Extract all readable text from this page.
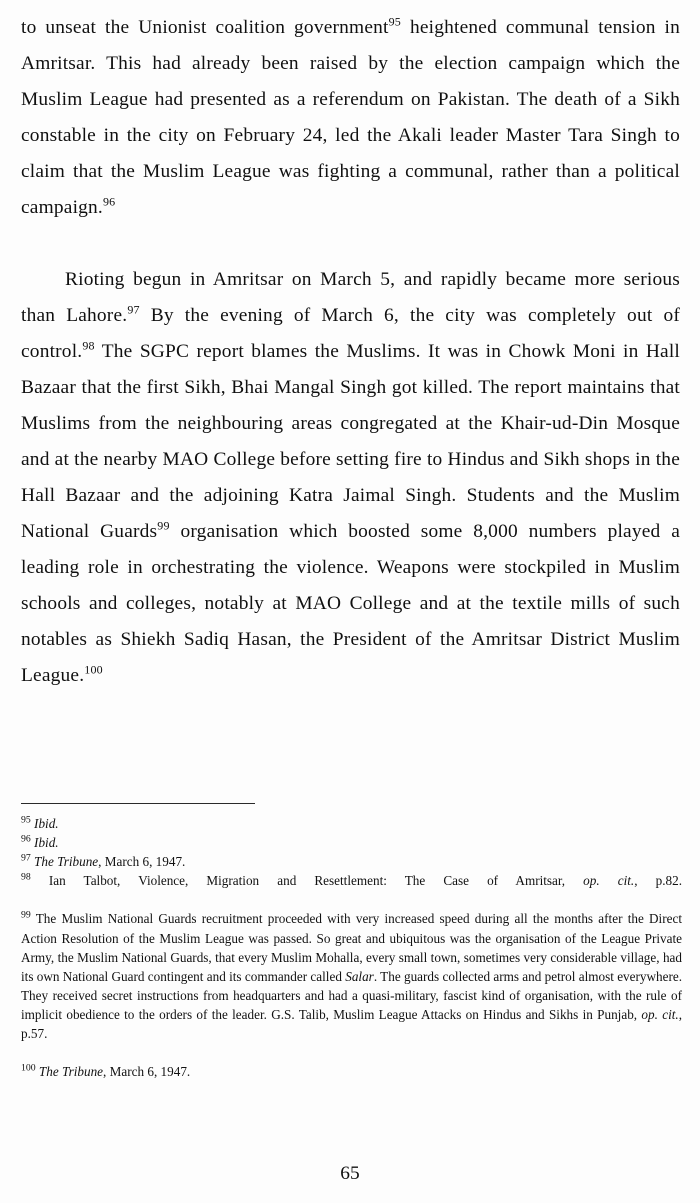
to unseat the Unionist coalition government$^{95}$ heightened communal tension in Amritsar. This had already been raised by the election campaign which the Muslim League had presented as a referendum on Pakistan. The death of a Sikh constable in the city on February 24, led the Akali leader Master Tara Singh to claim that the Muslim League was fighting a communal, rather than a political campaign.$^{96}$

Rioting begun in Amritsar on March 5, and rapidly became more serious than Lahore.$^{97}$ By the evening of March 6, the city was completely out of control.$^{98}$ The SGPC report blames the Muslims. It was in Chowk Moni in Hall Bazaar that the first Sikh, Bhai Mangal Singh got killed. The report maintains that Muslims from the neighbouring areas congregated at the Khair-ud-Din Mosque and at the nearby MAO College before setting fire to Hindus and Sikh shops in the Hall Bazaar and the adjoining Katra Jaimal Singh. Students and the Muslim National Guards$^{99}$ organisation which boosted some 8,000 numbers played a leading role in orchestrating the violence. Weapons were stockpiled in Muslim schools and colleges, notably at MAO College and at the textile mills of such notables as Shiekh Sadiq Hasan, the President of the Amritsar District Muslim League.$^{100}$

$^{95}$ Ibid.

$^{96}$ Ibid.

$^{97}$ The Tribune, March 6, 1947.

$^{98}$ Ian Talbot, Violence, Migration and Resettlement: The Case of Amritsar, op. cit., p.82.

$^{99}$ The Muslim National Guards recruitment proceeded with very increased speed during all the months after the Direct Action Resolution of the Muslim League was passed. So great and ubiquitous was the organisation of the League Private Army, the Muslim National Guards, that every Muslim Mohalla, every small town, sometimes very considerable village, had its own National Guard contingent and its commander called Salar. The guards collected arms and petrol almost everywhere. They received secret instructions from headquarters and had a quasi-military, fascist kind of organisation, with the rule of implicit obedience to the orders of the leader. G.S. Talib, Muslim League Attacks on Hindus and Sikhs in Punjab, op. cit., p.57.

$^{100}$ The Tribune, March 6, 1947.

65
